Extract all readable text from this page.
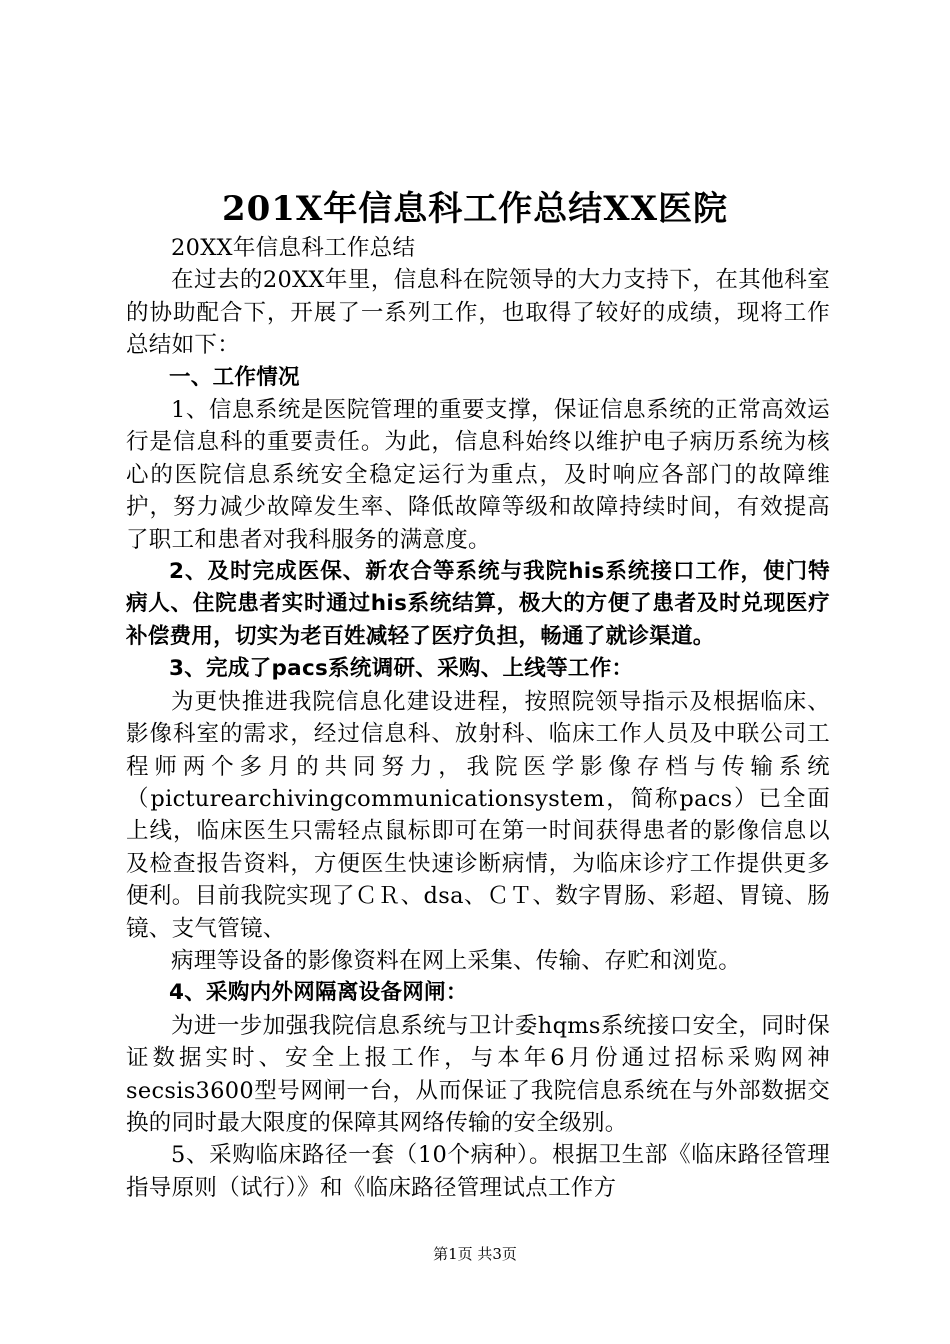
201X年信息科工作总结XX医院

20XX年信息科工作总结

在过去的20XX年里，信息科在院领导的大力支持下，在其他科室的协助配合下，开展了一系列工作，也取得了较好的成绩，现将工作总结如下：

一、工作情况

1、信息系统是医院管理的重要支撑，保证信息系统的正常高效运行是信息科的重要责任。为此，信息科始终以维护电子病历系统为核心的医院信息系统安全稳定运行为重点，及时响应各部门的故障维护，努力减少故障发生率、降低故障等级和故障持续时间，有效提高了职工和患者对我科服务的满意度。

2、及时完成医保、新农合等系统与我院his系统接口工作，使门特病人、住院患者实时通过his系统结算，极大的方便了患者及时兑现医疗补偿费用，切实为老百姓减轻了医疗负担，畅通了就诊渠道。

3、完成了pacs系统调研、采购、上线等工作：

为更快推进我院信息化建设进程，按照院领导指示及根据临床、影像科室的需求，经过信息科、放射科、临床工作人员及中联公司工程师两个多月的共同努力，我院医学影像存档与传输系统（picturearchivingcommunicationsystem，简称pacs）已全面上线，临床医生只需轻点鼠标即可在第一时间获得患者的影像信息以及检查报告资料，方便医生快速诊断病情，为临床诊疗工作提供更多便利。目前我院实现了ＣＲ、dsa、ＣＴ、数字胃肠、彩超、胃镜、肠镜、支气管镜、

病理等设备的影像资料在网上采集、传输、存贮和浏览。

4、采购内外网隔离设备网闸：

为进一步加强我院信息系统与卫计委hqms系统接口安全，同时保证数据实时、安全上报工作，与本年6月份通过招标采购网神secsis3600型号网闸一台，从而保证了我院信息系统在与外部数据交换的同时最大限度的保障其网络传输的安全级别。

5、采购临床路径一套（10个病种）。根据卫生部《临床路径管理指导原则（试行）》和《临床路径管理试点工作方

第1页 共3页
